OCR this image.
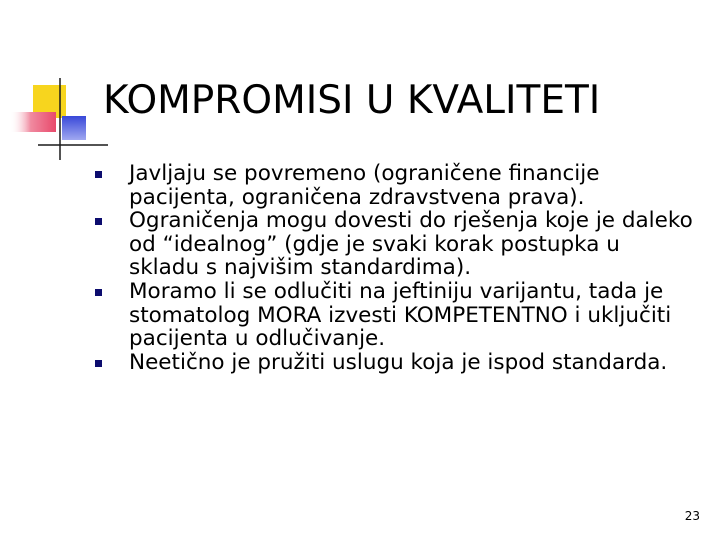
KOMPROMISI U KVALITETI
Javljaju se povremeno (ograničene financije pacijenta, ograničena zdravstvena prava).
Ograničenja mogu dovesti do rješenja koje je daleko od “idealnog” (gdje je svaki korak postupka u skladu s najvišim standardima).
Moramo li se odlučiti na jeftiniju varijantu, tada je stomatolog MORA izvesti KOMPETENTNO i uključiti pacijenta u odlučivanje.
Neetično je pružiti uslugu koja je ispod standarda.
23
